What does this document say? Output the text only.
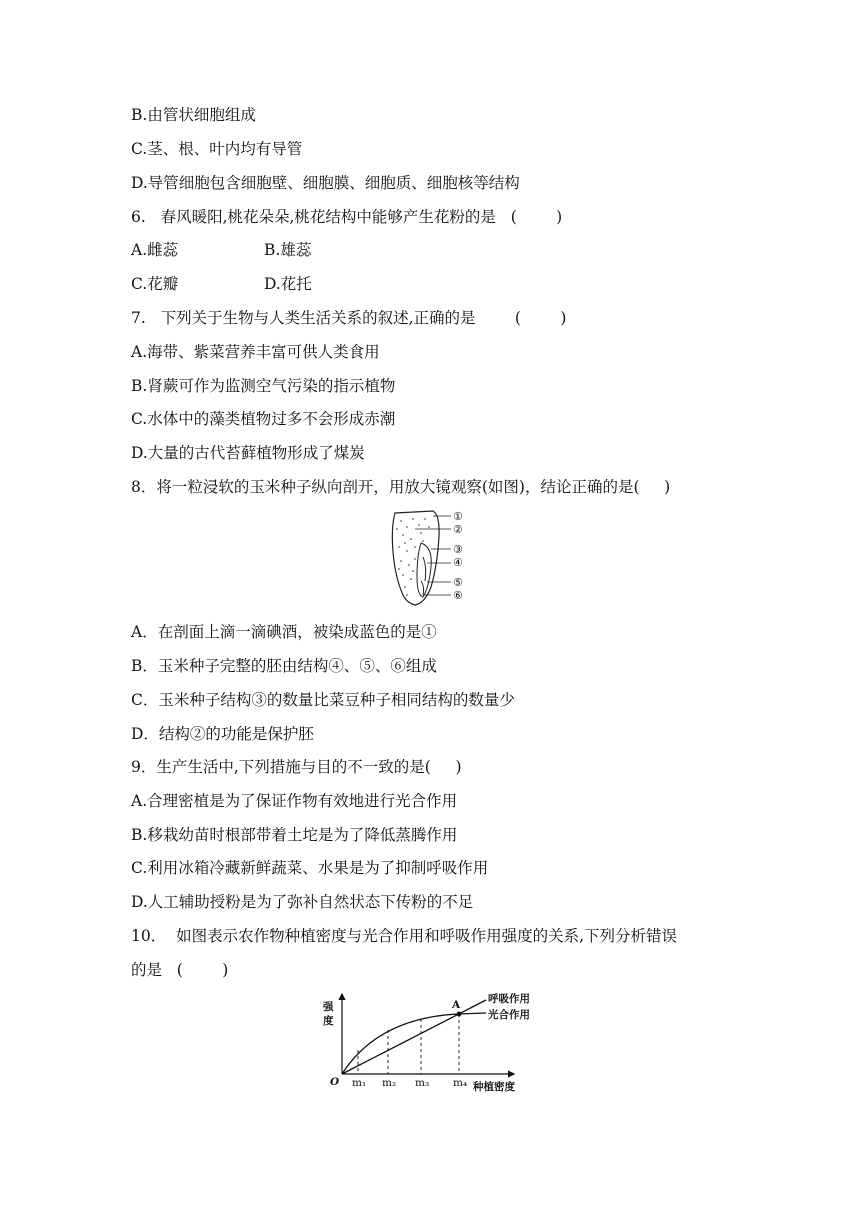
B.由管状细胞组成
C.茎、根、叶内均有导管
D.导管细胞包含细胞壁、细胞膜、细胞质、细胞核等结构
6.   春风暖阳,桃花朵朵,桃花结构中能够产生花粉的是   (        )
A.雌蕊	B.雄蕊
C.花瓣	D.花托
7.   下列关于生物与人类生活关系的叙述,正确的是        (        )
A.海带、紫菜营养丰富可供人类食用
B.肾蕨可作为监测空气污染的指示植物
C.水体中的藻类植物过多不会形成赤潮
D.大量的古代苔藓植物形成了煤炭
8．将一粒浸软的玉米种子纵向剖开，用放大镜观察(如图)，结论正确的是(     )
①
②
③
④
⑤
⑥
A．在剖面上滴一滴碘酒，被染成蓝色的是①
B．玉米种子完整的胚由结构④、⑤、⑥组成
C．玉米种子结构③的数量比菜豆种子相同结构的数量少
D．结构②的功能是保护胚
9．生产生活中,下列措施与目的不一致的是(     )
A.合理密植是为了保证作物有效地进行光合作用
B.移栽幼苗时根部带着土坨是为了降低蒸腾作用
C.利用冰箱冷藏新鲜蔬菜、水果是为了抑制呼吸作用
D.人工辅助授粉是为了弥补自然状态下传粉的不足
10．  如图表示农作物种植密度与光合作用和呼吸作用强度的关系,下列分析错误
的是   (        )
强
度
O m₁ m₂ m₃ m₄ 种植密度
A	呼吸作用
光合作用
